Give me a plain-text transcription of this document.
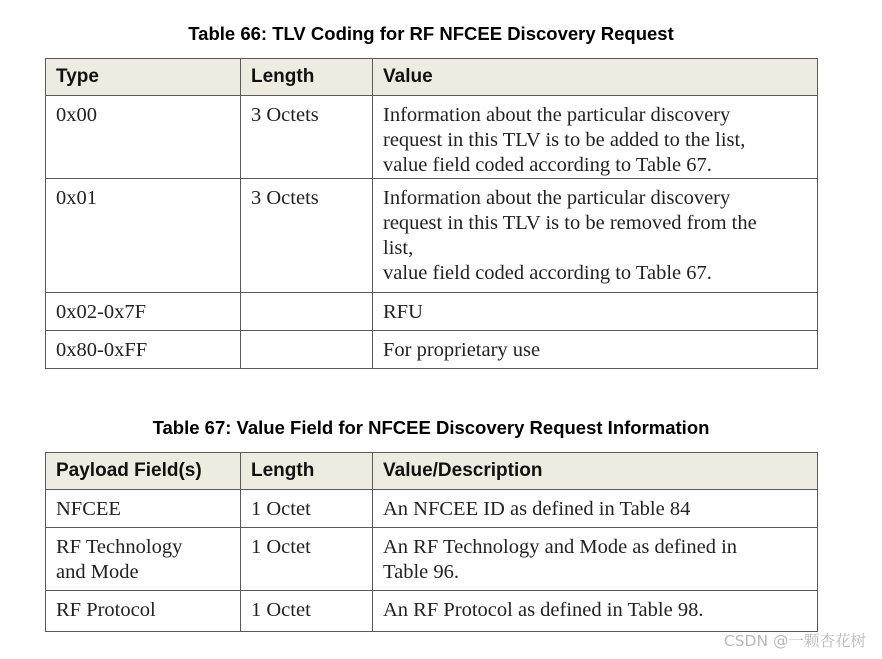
Table 66: TLV Coding for RF NFCEE Discovery Request

Type	Length	Value
0x00	3 Octets	Information about the particular discovery
request in this TLV is to be added to the list,
value field coded according to Table 67.

0x01	3 Octets	Information about the particular discovery
request in this TLV is to be removed from the
list,
value field coded according to Table 67.

0x02-0x7F		RFU

0x80-0xFF		For proprietary use

Table 67: Value Field for NFCEE Discovery Request Information

Payload Field(s)	Length	Value/Description

NFCEE	1 Octet	An NFCEE ID as defined in Table 84

RF Technology
and Mode	1 Octet	An RF Technology and Mode as defined in
Table 96.

RF Protocol	1 Octet	An RF Protocol as defined in Table 98.
CSDN @一颗杏花树
